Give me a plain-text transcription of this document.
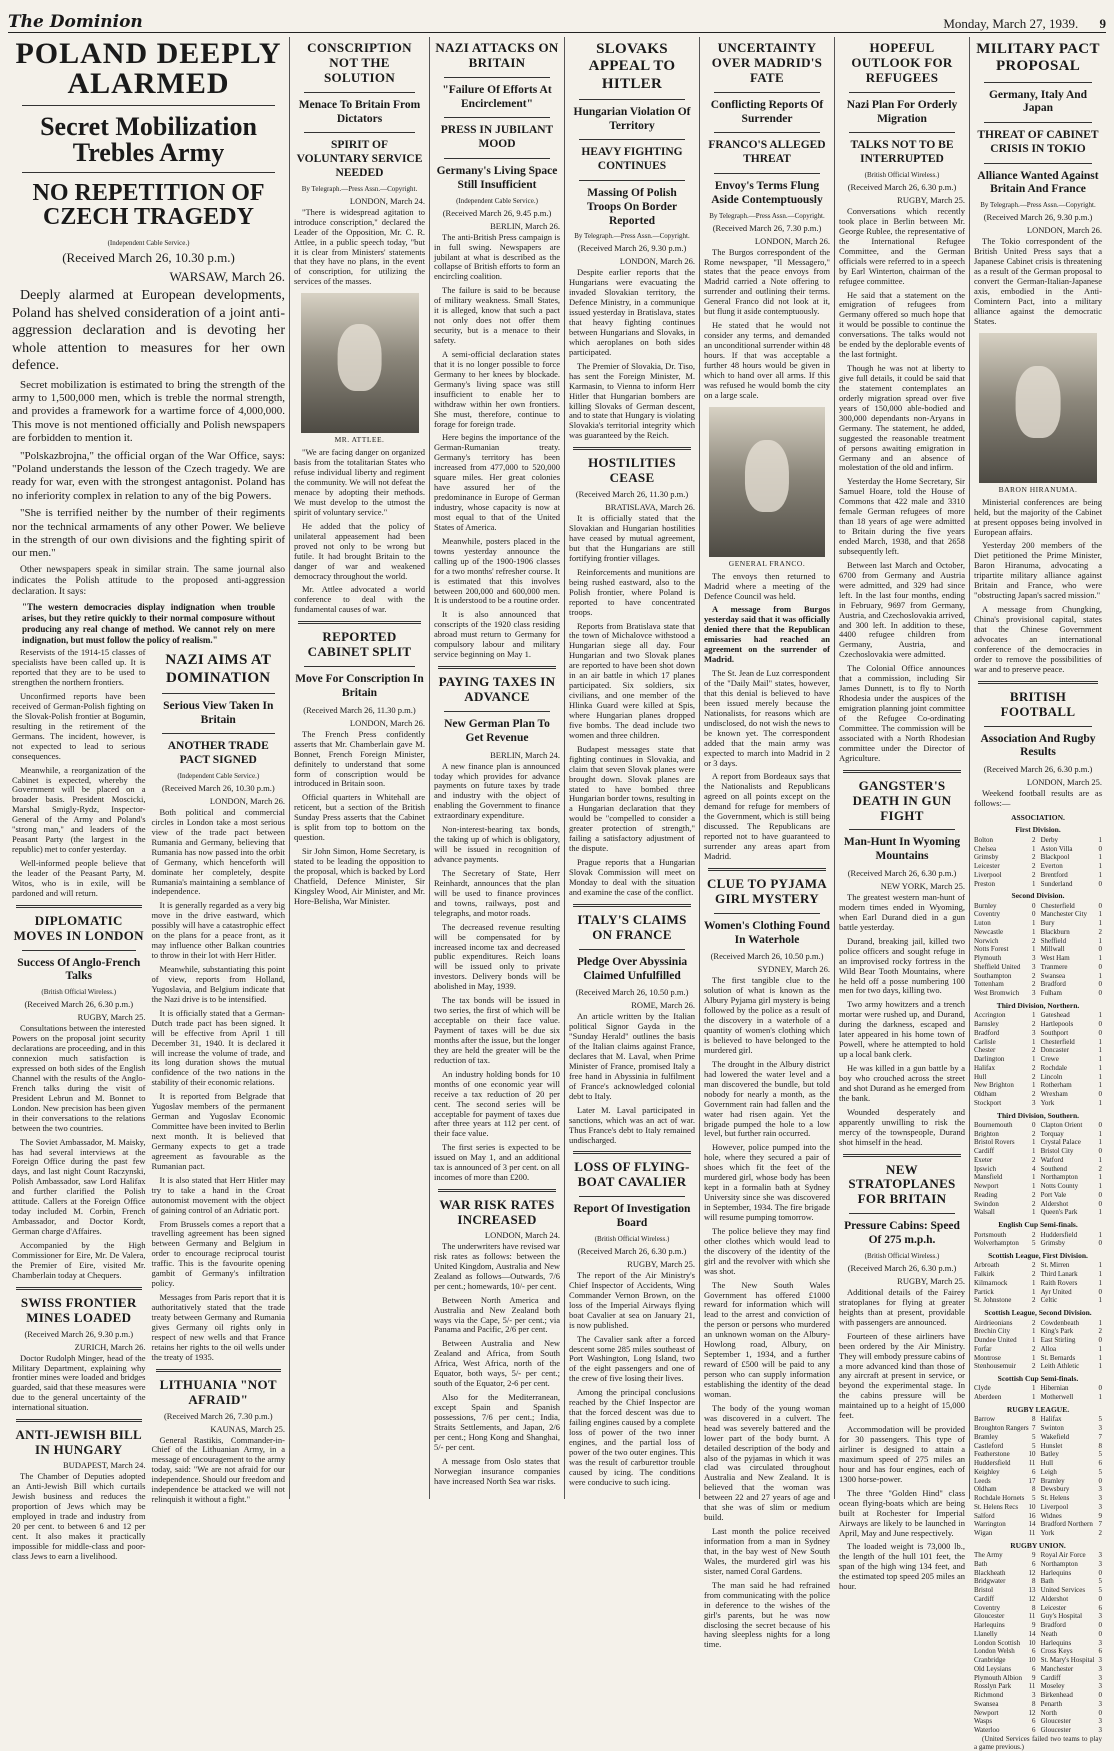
The Dominion	Monday, March 27, 1939. 9
POLAND DEEPLY ALARMED
Secret Mobilization Trebles Army
NO REPETITION OF CZECH TRAGEDY
(Independent Cable Service.)
(Received March 26, 10.30 p.m.)
WARSAW, March 26.

Deeply alarmed at European developments, Poland has shelved consideration of a joint anti-aggression declaration and is devoting her whole attention to measures for her own defence.

Secret mobilization is estimated to bring the strength of the army to 1,500,000 men, which is treble the normal strength, and provides a framework for a wartime force of 4,000,000. This move is not mentioned officially and Polish newspapers are forbidden to mention it.

"Polskazbrojna," the official organ of the War Office, says: "Poland understands the lesson of the Czech tragedy. We are ready for war, even with the strongest antagonist. Poland has no inferiority complex in relation to any of the big Powers.

"She is terrified neither by the number of their regiments nor the technical armaments of any other Power. We believe in the strength of our own divisions and the fighting spirit of our men."

Other newspapers speak in similar strain. The same journal also indicates the Polish attitude to the proposed anti-aggression declaration. It says:

"The western democracies display indignation when trouble arises, but they retire quickly to their normal composure without producing any real change of method. We cannot rely on mere indignation, but must follow the policy of realism."

Reservists of the 1914-15 classes of specialists have been called up. It is reported that they are to be used to strengthen the northern frontiers.

Unconfirmed reports have been received of German-Polish fighting on the Slovak-Polish frontier at Bogumin, resulting in the retirement of the Germans. The incident, however, is not expected to lead to serious consequences.

Meanwhile, a reorganization of the Cabinet is expected, whereby the Government will be placed on a broader basis. President Moscicki, Marshal Smigly-Rydz, Inspector-General of the Army and Poland's "strong man," and leaders of the Peasant Party (the largest in the republic) met to confer yesterday.

Well-informed people believe that the leader of the Peasant Party, M. Witos, who is in exile, will be pardoned and will return.

DIPLOMATIC MOVES IN LONDON
Success Of Anglo-French Talks
(British Official Wireless.)
(Received March 26, 6.30 p.m.)
RUGBY, March 25.

Consultations between the interested Powers on the proposal joint security declarations are proceeding, and in this connexion much satisfaction is expressed on both sides of the English Channel with the results of the Anglo-French talks during the visit of President Lebrun and M. Bonnet to London. New precision has been given in their conversations to the relations between the two countries.

The Soviet Ambassador, M. Maisky, has had several interviews at the Foreign Office during the past few days, and last night Count Raczynski, Polish Ambassador, saw Lord Halifax and further clarified the Polish attitude. Callers at the Foreign Office today included M. Corbin, French Ambassador, and Doctor Kordt, German charge d'Affaires.

Accompanied by the High Commissioner for Eire, Mr. De Valera, the Premier of Eire, visited Mr. Chamberlain today at Chequers.

SWISS FRONTIER MINES LOADED
(Received March 26, 9.30 p.m.)
ZURICH, March 26.

Doctor Rudolph Minger, head of the Military Department, explaining why frontier mines were loaded and bridges guarded, said that these measures were due to the general uncertainty of the international situation.

ANTI-JEWISH BILL IN HUNGARY
BUDAPEST, March 24.

The Chamber of Deputies adopted an Anti-Jewish Bill which curtails Jewish business and reduces the proportion of Jews which may be employed in trade and industry from 20 per cent. to between 6 and 12 per cent. It also makes it practically impossible for middle-class and poor-class Jews to earn a livelihood.

NAZI AIMS AT DOMINATION
Serious View Taken In Britain
ANOTHER TRADE PACT SIGNED
(Independent Cable Service.)
(Received March 26, 10.30 p.m.)
LONDON, March 26.

Both political and commercial circles in London take a most serious view of the trade pact between Rumania and Germany, believing that Rumania has now passed into the orbit of Germany, which henceforth will dominate her completely, despite Rumania's maintaining a semblance of independence.

It is generally regarded as a very big move in the drive eastward, which possibly will have a catastrophic effect on the plans for a peace front, as it may influence other Balkan countries to throw in their lot with Herr Hitler.

Meanwhile, substantiating this point of view, reports from Holland, Yugoslavia, and Belgium indicate that the Nazi drive is to be intensified.

It is officially stated that a German-Dutch trade pact has been signed. It will be effective from April 1 till December 31, 1940. It is declared it will increase the volume of trade, and its long duration shows the mutual confidence of the two nations in the stability of their economic relations.

It is reported from Belgrade that Yugoslav members of the permanent German and Yugoslav Economic Committee have been invited to Berlin next month. It is believed that Germany expects to get a trade agreement as favourable as the Rumanian pact.

It is also stated that Herr Hitler may try to take a hand in the Croat autonomist movement with the object of gaining control of an Adriatic port.

From Brussels comes a report that a travelling agreement has been signed between Germany and Belgium in order to encourage reciprocal tourist traffic. This is the favourite opening gambit of Germany's infiltration policy.

Messages from Paris report that it is authoritatively stated that the trade treaty between Germany and Rumania gives Germany oil rights only in respect of new wells and that France retains her rights to the oil wells under the treaty of 1935.

LITHUANIA "NOT AFRAID"
(Received March 26, 7.30 p.m.)
KAUNAS, March 25.

General Rastikis, Commander-in-Chief of the Lithuanian Army, in a message of encouragement to the army today, said: "We are not afraid for our independence. Should our freedom and independence be attacked we will not relinquish it without a fight."

CONSCRIPTION NOT THE SOLUTION
Menace To Britain From Dictators
SPIRIT OF VOLUNTARY SERVICE NEEDED
By Telegraph.—Press Assn.—Copyright.
LONDON, March 24.

"There is widespread agitation to introduce conscription," declared the Leader of the Opposition, Mr. C. R. Attlee, in a public speech today, "but it is clear from Ministers' statements that they have no plans, in the event of conscription, for utilizing the services of the masses.

MR. ATTLEE.

"We are facing danger on organized basis from the totalitarian States who refuse individual liberty and regiment the community. We will not defeat the menace by adopting their methods. We must develop to the utmost the spirit of voluntary service."

He added that the policy of unilateral appeasement had been proved not only to be wrong but futile. It had brought Britain to the danger of war and weakened democracy throughout the world.

Mr. Attlee advocated a world conference to deal with the fundamental causes of war.

REPORTED CABINET SPLIT
Move For Conscription In Britain
(Received March 26, 11.30 p.m.)
LONDON, March 26.

The French Press confidently asserts that Mr. Chamberlain gave M. Bonnet, French Foreign Minister, definitely to understand that some form of conscription would be introduced in Britain soon.

Official quarters in Whitehall are reticent, but a section of the British Sunday Press asserts that the Cabinet is split from top to bottom on the question.

Sir John Simon, Home Secretary, is stated to be leading the opposition to the proposal, which is backed by Lord Chatfield, Defence Minister, Sir Kingsley Wood, Air Minister, and Mr. Hore-Belisha, War Minister.

NAZI ATTACKS ON BRITAIN
"Failure Of Efforts At Encirclement"
PRESS IN JUBILANT MOOD
Germany's Living Space Still Insufficient
(Independent Cable Service.)
(Received March 26, 9.45 p.m.)
BERLIN, March 26.

The anti-British Press campaign is in full swing. Newspapers are jubilant at what is described as the collapse of British efforts to form an encircling coalition.

The failure is said to be because of military weakness. Small States, it is alleged, know that such a pact not only does not offer them security, but is a menace to their safety.

A semi-official declaration states that it is no longer possible to force Germany to her knees by blockade. Germany's living space was still insufficient to enable her to withdraw within her own frontiers. She must, therefore, continue to forage for foreign trade.

Here begins the importance of the German-Rumanian treaty. Germany's territory has been increased from 477,000 to 520,000 square miles. Her great colonies have assured her of the predominance in Europe of German industry, whose capacity is now at most equal to that of the United States of America.

Meanwhile, posters placed in the towns yesterday announce the calling up of the 1900-1906 classes for a two months' refresher course. It is estimated that this involves between 200,000 and 600,000 men. It is understood to be a routine order.

It is also announced that conscripts of the 1920 class residing abroad must return to Germany for compulsory labour and military service beginning on May 1.

PAYING TAXES IN ADVANCE
New German Plan To Get Revenue
BERLIN, March 24.

A new finance plan is announced today which provides for advance payments on future taxes by trade and industry with the object of enabling the Government to finance extraordinary expenditure.

Non-interest-bearing tax bonds, the taking up of which is obligatory, will be issued in recognition of advance payments.

The Secretary of State, Herr Reinhardt, announces that the plan will be used to finance provinces and towns, railways, post and telegraphs, and motor roads.

The decreased revenue resulting will be compensated for by increased income tax and decreased public expenditures. Reich loans will be issued only to private investors. Delivery bonds will be abolished in May, 1939.

The tax bonds will be issued in two series, the first of which will be acceptable on their face value. Payment of taxes will be due six months after the issue, but the longer they are held the greater will be the reduction of tax.

An industry holding bonds for 10 months of one economic year will receive a tax reduction of 20 per cent. The second series will be acceptable for payment of taxes due after three years at 112 per cent. of their face value.

The first series is expected to be issued on May 1, and an additional tax is announced of 3 per cent. on all incomes of more than £200.

WAR RISK RATES INCREASED
LONDON, March 24.

The underwriters have revised war risk rates as follows: between the United Kingdom, Australia and New Zealand as follows—Outwards, 7/6 per cent.; homewards, 10/- per cent.

Between North America and Australia and New Zealand both ways via the Cape, 5/- per cent.; via Panama and Pacific, 2/6 per cent.

Between Australia and New Zealand and Africa, from South Africa, West Africa, north of the Equator, both ways, 5/- per cent.; south of the Equator, 2-6 per cent.

Also for the Mediterranean, except Spain and Spanish possessions, 7/6 per cent.; India, Straits Settlements, and Japan, 2/6 per cent.; Hong Kong and Shanghai, 5/- per cent.

A message from Oslo states that Norwegian insurance companies have increased North Sea war risks.

SLOVAKS APPEAL TO HITLER
Hungarian Violation Of Territory
HEAVY FIGHTING CONTINUES
Massing Of Polish Troops On Border Reported
By Telegraph.—Press Assn.—Copyright.
(Received March 26, 9.30 p.m.)
LONDON, March 26.

Despite earlier reports that the Hungarians were evacuating the invaded Slovakian territory, the Defence Ministry, in a communique issued yesterday in Bratislava, states that heavy fighting continues between Hungarians and Slovaks, in which aeroplanes on both sides participated.

The Premier of Slovakia, Dr. Tiso, has sent the Foreign Minister, M. Karmasin, to Vienna to inform Herr Hitler that Hungarian bombers are killing Slovaks of German descent, and to state that Hungary is violating Slovakia's territorial integrity which was guaranteed by the Reich.

HOSTILITIES CEASE
(Received March 26, 11.30 p.m.)
BRATISLAVA, March 26.

It is officially stated that the Slovakian and Hungarian hostilities have ceased by mutual agreement, but that the Hungarians are still fortifying frontier villages.

Reinforcements and munitions are being rushed eastward, also to the Polish frontier, where Poland is reported to have concentrated troops.

Reports from Bratislava state that the town of Michalovce withstood a Hungarian siege all day. Four Hungarian and two Slovak planes are reported to have been shot down in an air battle in which 17 planes participated. Six soldiers, six civilians, and one member of the Hlinka Guard were killed at Spis, where Hungarian planes dropped five bombs. The dead include two women and three children.

Budapest messages state that fighting continues in Slovakia, and claim that seven Slovak planes were brought down. Slovak planes are stated to have bombed three Hungarian border towns, resulting in a Hungarian declaration that they would be "compelled to consider a greater protection of strength," failing a satisfactory adjustment of the dispute.

Prague reports that a Hungarian Slovak Commission will meet on Monday to deal with the situation and examine the case of the conflict.

ITALY'S CLAIMS ON FRANCE
Pledge Over Abyssinia Claimed Unfulfilled
(Received March 26, 10.50 p.m.)
ROME, March 26.

An article written by the Italian political Signor Gayda in the "Sunday Herald" outlines the basis of the Italian claims against France, declares that M. Laval, when Prime Minister of France, promised Italy a free hand in Abyssinia in fulfilment of France's acknowledged colonial debt to Italy.

Later M. Laval participated in sanctions, which was an act of war. Thus France's debt to Italy remained undischarged.

LOSS OF FLYING-BOAT CAVALIER
Report Of Investigation Board
(British Official Wireless.)
(Received March 26, 6.30 p.m.)
RUGBY, March 25.

The report of the Air Ministry's Chief Inspector of Accidents, Wing Commander Vernon Brown, on the loss of the Imperial Airways flying boat Cavalier at sea on January 21, is now published.

The Cavalier sank after a forced descent some 285 miles southeast of Port Washington, Long Island, two of the eight passengers and one of the crew of five losing their lives.

Among the principal conclusions reached by the Chief Inspector are that the forced descent was due to failing engines caused by a complete loss of power of the two inner engines, and the partial loss of power of the two outer engines. This was the result of carburettor trouble caused by icing. The conditions were conducive to such icing.

UNCERTAINTY OVER MADRID'S FATE
Conflicting Reports Of Surrender
FRANCO'S ALLEGED THREAT
Envoy's Terms Flung Aside Contemptuously
By Telegraph.—Press Assn.—Copyright.
(Received March 26, 7.30 p.m.)
LONDON, March 26.

The Burgos correspondent of the Rome newspaper, "Il Messagero," states that the peace envoys from Madrid carried a Note offering to surrender and outlining their terms. General Franco did not look at it, but flung it aside contemptuously.

He stated that he would not consider any terms, and demanded an unconditional surrender within 48 hours. If that was acceptable a further 48 hours would be given in which to hand over all arms. If this was refused he would bomb the city on a large scale.

GENERAL FRANCO.

The envoys then returned to Madrid where a meeting of the Defence Council was held.

A message from Burgos yesterday said that it was officially denied there that the Republican emissaries had reached an agreement on the surrender of Madrid.

The St. Jean de Luz correspondent of the "Daily Mail" states, however, that this denial is believed to have been issued merely because the Nationalists, for reasons which are undisclosed, do not wish the news to be known yet. The correspondent added that the main army was expected to march into Madrid in 2 or 3 days.

A report from Bordeaux says that the Nationalists and Republicans agreed on all points except on the demand for refuge for members of the Government, which is still being discussed. The Republicans are reported not to have guaranteed to surrender any areas apart from Madrid.

CLUE TO PYJAMA GIRL MYSTERY
Women's Clothing Found In Waterhole
(Received March 26, 10.50 p.m.)
SYDNEY, March 26.

The first tangible clue to the solution of what is known as the Albury Pyjama girl mystery is being followed by the police as a result of the discovery in a waterhole of a quantity of women's clothing which is believed to have belonged to the murdered girl.

The drought in the Albury district had lowered the water level and a man discovered the bundle, but told nobody for nearly a month, as the Government rain had fallen and the water had risen again. Yet the brigade pumped the hole to a low level, but further rain occurred.

However, police pumped into the hole, where they secured a pair of shoes which fit the feet of the murdered girl, whose body has been kept in a formalin bath at Sydney University since she was discovered in September, 1934. The fire brigade will resume pumping tomorrow.

The police believe they may find other clothes which would lead to the discovery of the identity of the girl and the revolver with which she was shot.

The New South Wales Government has offered £1000 reward for information which will lead to the arrest and conviction of the person or persons who murdered an unknown woman on the Albury-Howlong road, Albury, on September 1, 1934, and a further reward of £500 will be paid to any person who can supply information establishing the identity of the dead woman.

The body of the young woman was discovered in a culvert. The head was severely battered and the lower part of the body burnt. A detailed description of the body and also of the pyjamas in which it was clad was circulated throughout Australia and New Zealand. It is believed that the woman was between 22 and 27 years of age and that she was of slim or medium build.

Last month the police received information from a man in Sydney that, in the bay west of New South Wales, the murdered girl was his sister, named Coral Gardens.

The man said he had refrained from communicating with the police in deference to the wishes of the girl's parents, but he was now disclosing the secret because of his having sleepless nights for a long time.

HOPEFUL OUTLOOK FOR REFUGEES
Nazi Plan For Orderly Migration
TALKS NOT TO BE INTERRUPTED
(British Official Wireless.)
(Received March 26, 6.30 p.m.)
RUGBY, March 25.

Conversations which recently took place in Berlin between Mr. George Rublee, the representative of the International Refugee Committee, and the German officials were referred to in a speech by Earl Winterton, chairman of the refugee committee.

He said that a statement on the emigration of refugees from Germany offered so much hope that it would be possible to continue the conversations. The talks would not be ended by the deplorable events of the last fortnight.

Though he was not at liberty to give full details, it could be said that the statement contemplates an orderly migration spread over five years of 150,000 able-bodied and 300,000 dependants non-Aryans in Germany. The statement, he added, suggested the reasonable treatment of persons awaiting emigration in Germany and an absence of molestation of the old and infirm.

Yesterday the Home Secretary, Sir Samuel Hoare, told the House of Commons that 422 male and 3310 female German refugees of more than 18 years of age were admitted to Britain during the five years ended March, 1938, and that 2658 subsequently left.

Between last March and October, 6700 from Germany and Austria were admitted, and 329 had since left. In the last four months, ending in February, 9697 from Germany, Austria, and Czechoslovakia arrived, and 300 left. In addition to these, 4400 refugee children from Germany, Austria, and Czechoslovakia were admitted.

The Colonial Office announces that a commission, including Sir James Dunnett, is to fly to North Rhodesia under the auspices of the emigration planning joint committee of the Refugee Co-ordinating Committee. The commission will be associated with a North Rhodesian committee under the Director of Agriculture.

GANGSTER'S DEATH IN GUN FIGHT
Man-Hunt In Wyoming Mountains
(Received March 26, 6.30 p.m.)
NEW YORK, March 25.

The greatest western man-hunt of modern times ended in Wyoming, when Earl Durand died in a gun battle yesterday.

Durand, breaking jail, killed two police officers and sought refuge in an improvised rocky fortress in the Wild Bear Tooth Mountains, where he held off a posse numbering 100 men for two days, killing two.

Two army howitzers and a trench mortar were rushed up, and Durand, during the darkness, escaped and later appeared in his home town of Powell, where he attempted to hold up a local bank clerk.

He was killed in a gun battle by a boy who crouched across the street and shot Durand as he emerged from the bank.

Wounded desperately and apparently unwilling to risk the mercy of the townspeople, Durand shot himself in the head.

NEW STRATOPLANES FOR BRITAIN
Pressure Cabins: Speed Of 275 m.p.h.
(British Official Wireless.)
(Received March 26, 6.30 p.m.)
RUGBY, March 25.

Additional details of the Fairey stratoplanes for flying at greater heights than at present, providable with passengers are announced.

Fourteen of these airliners have been ordered by the Air Ministry. They will embody pressure cabins of a more advanced kind than those of any aircraft at present in service, or beyond the experimental stage. In the cabins pressure will be maintained up to a height of 15,000 feet.

Accommodation will be provided for 30 passengers. This type of airliner is designed to attain a maximum speed of 275 miles an hour and has four engines, each of 1300 horse-power.

The three "Golden Hind" class ocean flying-boats which are being built at Rochester for Imperial Airways are likely to be launched in April, May and June respectively.

The loaded weight is 73,000 lb., the length of the hull 101 feet, the span of the high wing 134 feet, and the estimated top speed 205 miles an hour.

MILITARY PACT PROPOSAL
Germany, Italy And Japan
THREAT OF CABINET CRISIS IN TOKIO
Alliance Wanted Against Britain And France
By Telegraph.—Press Assn.—Copyright.
(Received March 26, 9.30 p.m.)
LONDON, March 26.

The Tokio correspondent of the British United Press says that a Japanese Cabinet crisis is threatening as a result of the German proposal to convert the German-Italian-Japanese axis, embodied in the Anti-Comintern Pact, into a military alliance against the democratic States.

BARON HIRANUMA.

Ministerial conferences are being held, but the majority of the Cabinet at present opposes being involved in European affairs.

Yesterday 200 members of the Diet petitioned the Prime Minister, Baron Hiranuma, advocating a tripartite military alliance against Britain and France, who were "obstructing Japan's sacred mission."

A message from Chungking, China's provisional capital, states that the Chinese Government advocates an international conference of the democracies in order to remove the possibilities of war and to preserve peace.

BRITISH FOOTBALL
Association And Rugby Results
(Received March 26, 6.30 p.m.)
LONDON, March 25.

Weekend football results are as follows:—

ASSOCIATION.
First Division.
Bolton	2 Derby	1
Chelsea	1 Aston Villa	0
Grimsby	2 Blackpool	1
Leicester	2 Everton	1
Liverpool	2 Brentford	1
Preston	1 Sunderland	0
Second Division.
Burnley	0 Chesterfield	0
Coventry	0 Manchester City 1
Luton	1 Bury	1
Newcastle	1 Blackburn	2
Norwich	2 Sheffield	1
Notts Forest	1 Millwall	0
Plymouth	3 West Ham	1
Sheffield United 3 Tranmere	0
Southampton	2 Swansea	1
Tottenham	2 Bradford	0
West Bromwich 3 Fulham	0
Third Division, Northern.
Accrington	1 Gateshead	1
Barnsley	2 Hartlepools	0
Bradford	3 Southport	0
Carlisle	1 Chesterfield	1
Chester	2 Doncaster	1
Darlington	1 Crewe	1
Halifax	2 Rochdale	1
Hull	2 Lincoln	1
New Brighton	1 Rotherham	1
Oldham	2 Wrexham	0
Stockport	3 York	1
Third Division, Southern.
Bournemouth	0 Clapton Orient 0
Brighton	2 Torquay	1
Bristol Rovers 1 Crystal Palace	1
Cardiff	1 Bristol City	0
Exeter	2 Watford	1
Ipswich	4 Southend	2
Mansfield	1 Northampton	1
Newport	1 Notts County	1
Reading	2 Port Vale	0
Swindon	2 Aldershot	0
Walsall	1 Queen's Park	1
English Cup Semi-finals.
Portsmouth	2 Huddersfield	1
Wolverhampton 5 Grimsby	0
Scottish League, First Division.
Arbroath	2 St. Mirren	1
Falkirk	2 Third Lanark	1
Kilmarnock	1 Raith Rovers	1
Partick	1 Ayr United	0
St. Johnstone	2 Celtic	1
Scottish League, Second Division.
Airdrieonians	2 Cowdenbeath	1
Brechin City	1 King's Park	2
Dundee United 1 East Stirling	0
Forfar	2 Alloa	1
Montrose	1 St. Bernards	1
Stenhousemuir 2 Leith Athletic	1
Scottish Cup Semi-finals.
Clyde	1 Hibernian	0
Aberdeen	1 Motherwell	1
RUGBY LEAGUE.
Barrow	8 Halifax	5
Broughton Rangers 7 Swinton	3
Bramley	5 Wakefield	7
Castleford	5 Hunslet	8
Featherstone	10 Batley	5
Huddersfield	11 Hull	6
Keighley	6 Leigh	5
Leeds	17 Bramley	0
Oldham	8 Dewsbury	3
Rochdale Hornets 5 St. Helens	3
St. Helens Recs 10 Liverpool	3
Salford	16 Widnes	9
Warrington	14 Bradford Northern 7
Wigan	11 York	2
RUGBY UNION.
The Army	9 Royal Air Force 3
Bath	6 Northampton	3
Blackheath	12 Harlequins	0
Bridgwater	8 Bath	5
Bristol	13 United Services 5
Cardiff	12 Aldershot	0
Coventry	8 Leicester	6
Gloucester	11 Guy's Hospital 3
Harlequins	9 Bradford	0
Llanelly	14 Neath	0
London Scottish 10 Harlequins	3
London Welsh 6 Cross Keys	6
Cranbridge	10 St. Mary's Hospital 3
Old Leysians	6 Manchester	3
Plymouth Albion 9 Cardiff	3
Rosslyn Park	11 Moseley	3
Richmond	3 Birkenhead	0
Swansea	8 Penarth	3
Newport	12 North	0
Wasps	6 Gloucester	3
Waterloo	6 Gloucester	3

(United Services failed two teams to play a game previous.)
